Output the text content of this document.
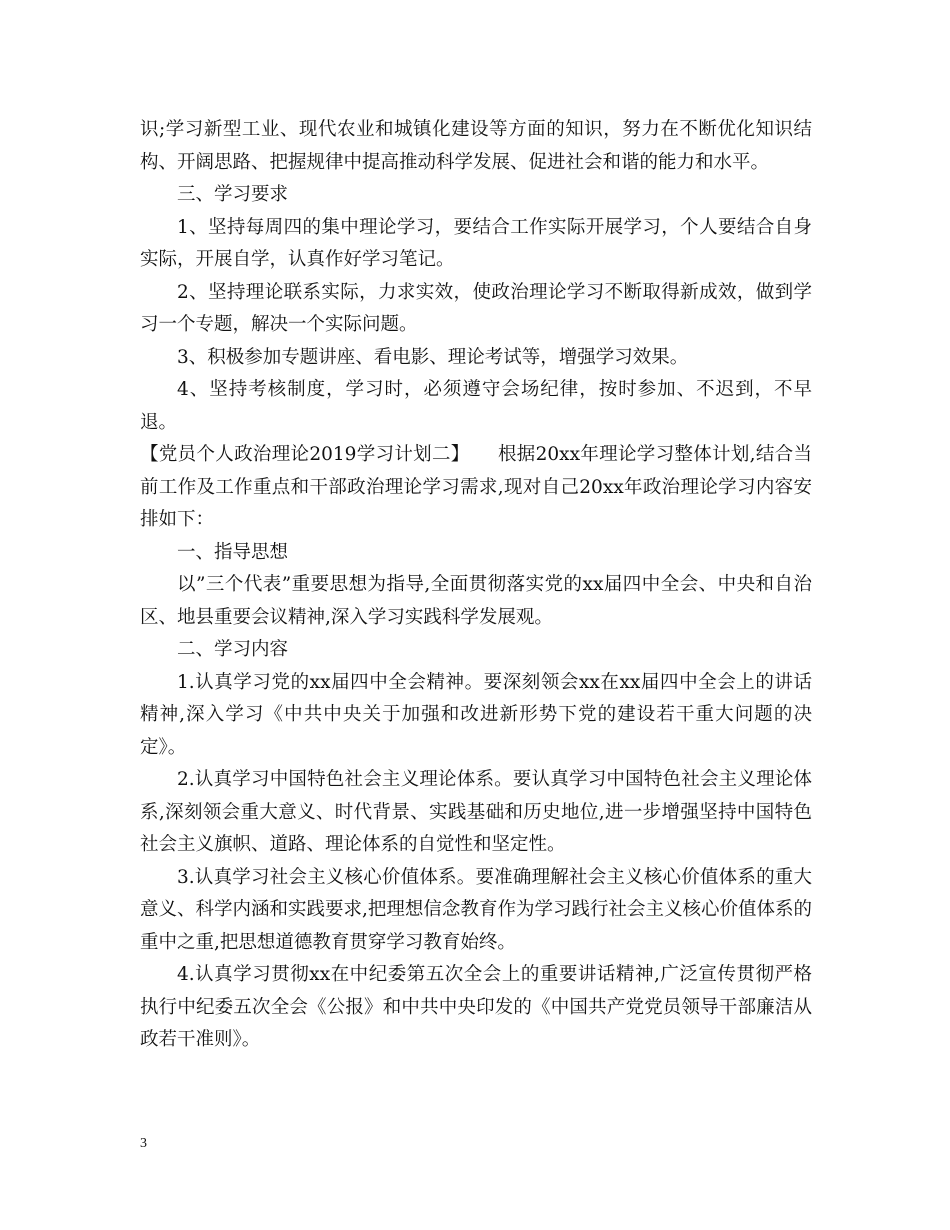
识;学习新型工业、现代农业和城镇化建设等方面的知识，努力在不断优化知识结构、开阔思路、把握规律中提高推动科学发展、促进社会和谐的能力和水平。

三、学习要求

1、坚持每周四的集中理论学习，要结合工作实际开展学习，个人要结合自身实际，开展自学，认真作好学习笔记。

2、坚持理论联系实际，力求实效，使政治理论学习不断取得新成效，做到学习一个专题，解决一个实际问题。

3、积极参加专题讲座、看电影、理论考试等，增强学习效果。

4、坚持考核制度，学习时，必须遵守会场纪律，按时参加、不迟到，不早退。

【党员个人政治理论2019学习计划二】　　根据20xx年理论学习整体计划,结合当前工作及工作重点和干部政治理论学习需求,现对自己20xx年政治理论学习内容安排如下：

一、指导思想

以”三个代表”重要思想为指导,全面贯彻落实党的xx届四中全会、中央和自治区、地县重要会议精神,深入学习实践科学发展观。

二、学习内容

1.认真学习党的xx届四中全会精神。要深刻领会xx在xx届四中全会上的讲话精神,深入学习《中共中央关于加强和改进新形势下党的建设若干重大问题的决定》。

2.认真学习中国特色社会主义理论体系。要认真学习中国特色社会主义理论体系,深刻领会重大意义、时代背景、实践基础和历史地位,进一步增强坚持中国特色社会主义旗帜、道路、理论体系的自觉性和坚定性。

3.认真学习社会主义核心价值体系。要准确理解社会主义核心价值体系的重大意义、科学内涵和实践要求,把理想信念教育作为学习践行社会主义核心价值体系的重中之重,把思想道德教育贯穿学习教育始终。

4.认真学习贯彻xx在中纪委第五次全会上的重要讲话精神,广泛宣传贯彻严格执行中纪委五次全会《公报》和中共中央印发的《中国共产党党员领导干部廉洁从政若干准则》。

3
